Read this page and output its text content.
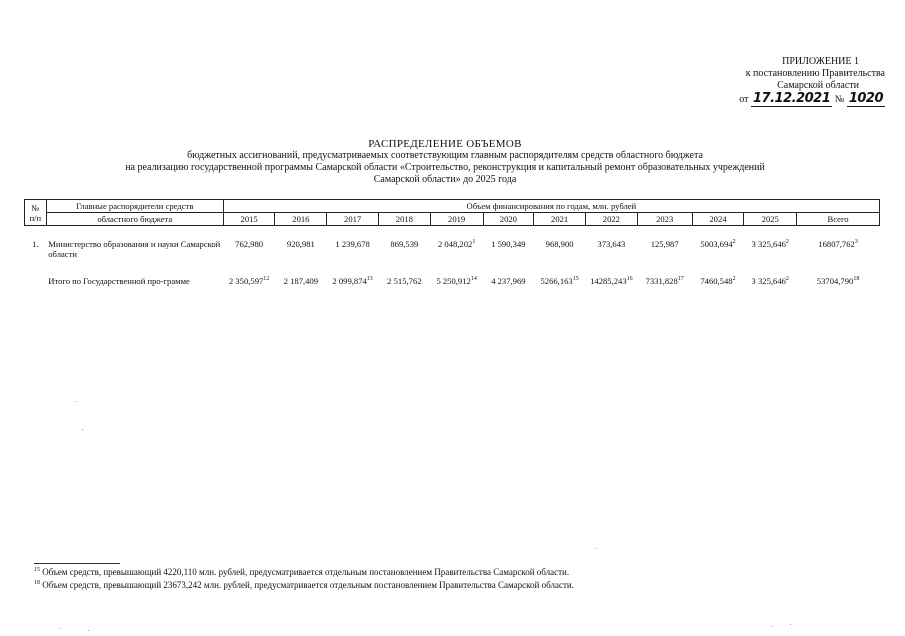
ПРИЛОЖЕНИЕ 1
к постановлению Правительства
Самарской области
от 17.12.2021 № 1020
РАСПРЕДЕЛЕНИЕ ОБЪЕМОВ
бюджетных ассигнований, предусматриваемых соответствующим главным распорядителям средств областного бюджета
на реализацию государственной программы Самарской области «Строительство, реконструкция и капитальный ремонт образовательных учреждений
Самарской области» до 2025 года
№
п/п	Главные распорядители средств	Объем финансирования по годам, млн. рублей											
	областного бюджета	2015	2016	2017	2018	2019	2020	2021	2022	2023	2024	2025	Всего

1.	Министерство образования и науки Самарской области	762,980	920,981	1 239,678	869,539	2 048,202$^1$	1 590,349	968,900	373,643	125,987	5003,694$^2$	3 325,646$^2$	16807,762$^3$

	Итого по Государственной про-грамме	2 350,597$^{12}$	2 187,409	2 099,874$^{13}$	2 515,762	5 250,912$^{14}$	4 237,969	5266,163$^{15}$	14285,243$^{16}$	7331,828$^{17}$	7460,548$^2$	3 325,646$^2$	53704,790$^{18}$
$^{15}$ Объем средств, превышающий 4220,110 млн. рублей, предусматривается отдельным постановлением Правительства Самарской области.
$^{18}$ Объем средств, превышающий 23673,242 млн. рублей, предусматривается отдельным постановлением Правительства Самарской области.
